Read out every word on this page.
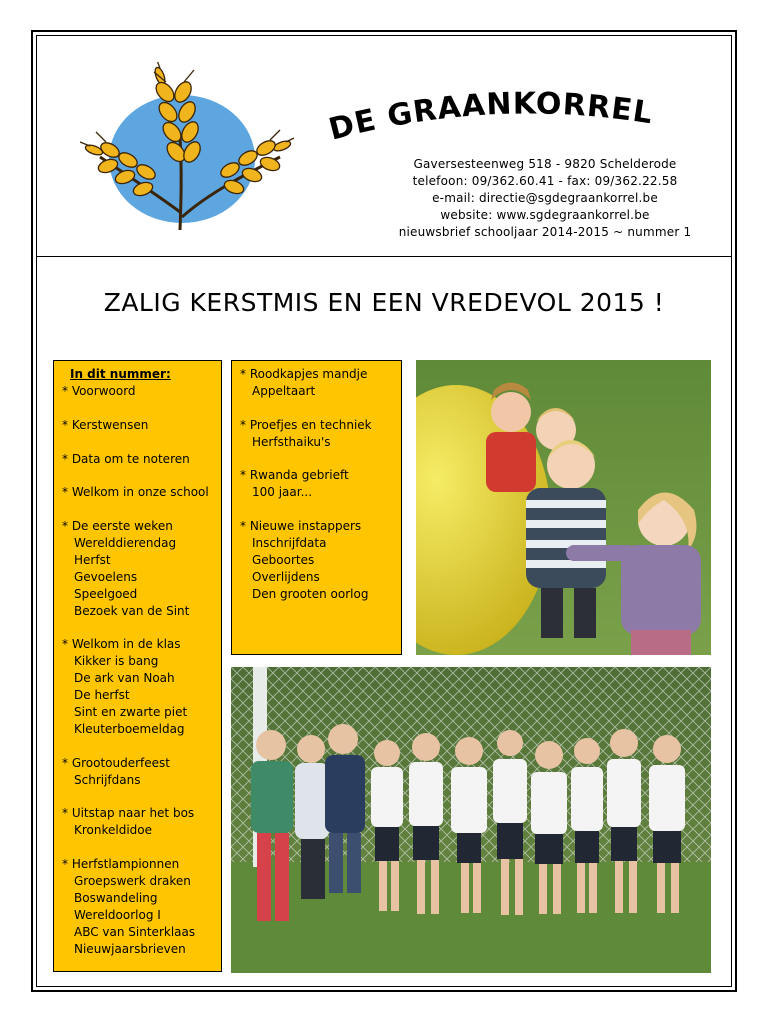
DE GRAANKORREL
Gaversesteenweg 518 - 9820 Schelderode
telefoon: 09/362.60.41 - fax: 09/362.22.58
e-mail: directie@sgdegraankorrel.be
website: www.sgdegraankorrel.be
nieuwsbrief schooljaar 2014-2015 ~ nummer 1
ZALIG KERSTMIS EN EEN VREDEVOL 2015 !
In dit nummer:
* Voorwoord
* Kerstwensen
* Data om te noteren
* Welkom in onze school
* De eerste weken
Werelddierendag
Herfst
Gevoelens
Speelgoed
Bezoek van de Sint
* Welkom in de klas
Kikker is bang
De ark van Noah
De herfst
Sint en zwarte piet
Kleuterboemeldag
* Grootouderfeest
Schrijfdans
* Uitstap naar het bos
Kronkeldidoe
* Herfstlampionnen
Groepswerk draken
Boswandeling
Wereldoorlog I
ABC van Sinterklaas
Nieuwjaarsbrieven
* Roodkapjes mandje
Appeltaart
* Proefjes en techniek
Herfsthaiku's
* Rwanda gebrieft
100 jaar...
* Nieuwe instappers
Inschrijfdata
Geboortes
Overlijdens
Den grooten oorlog
